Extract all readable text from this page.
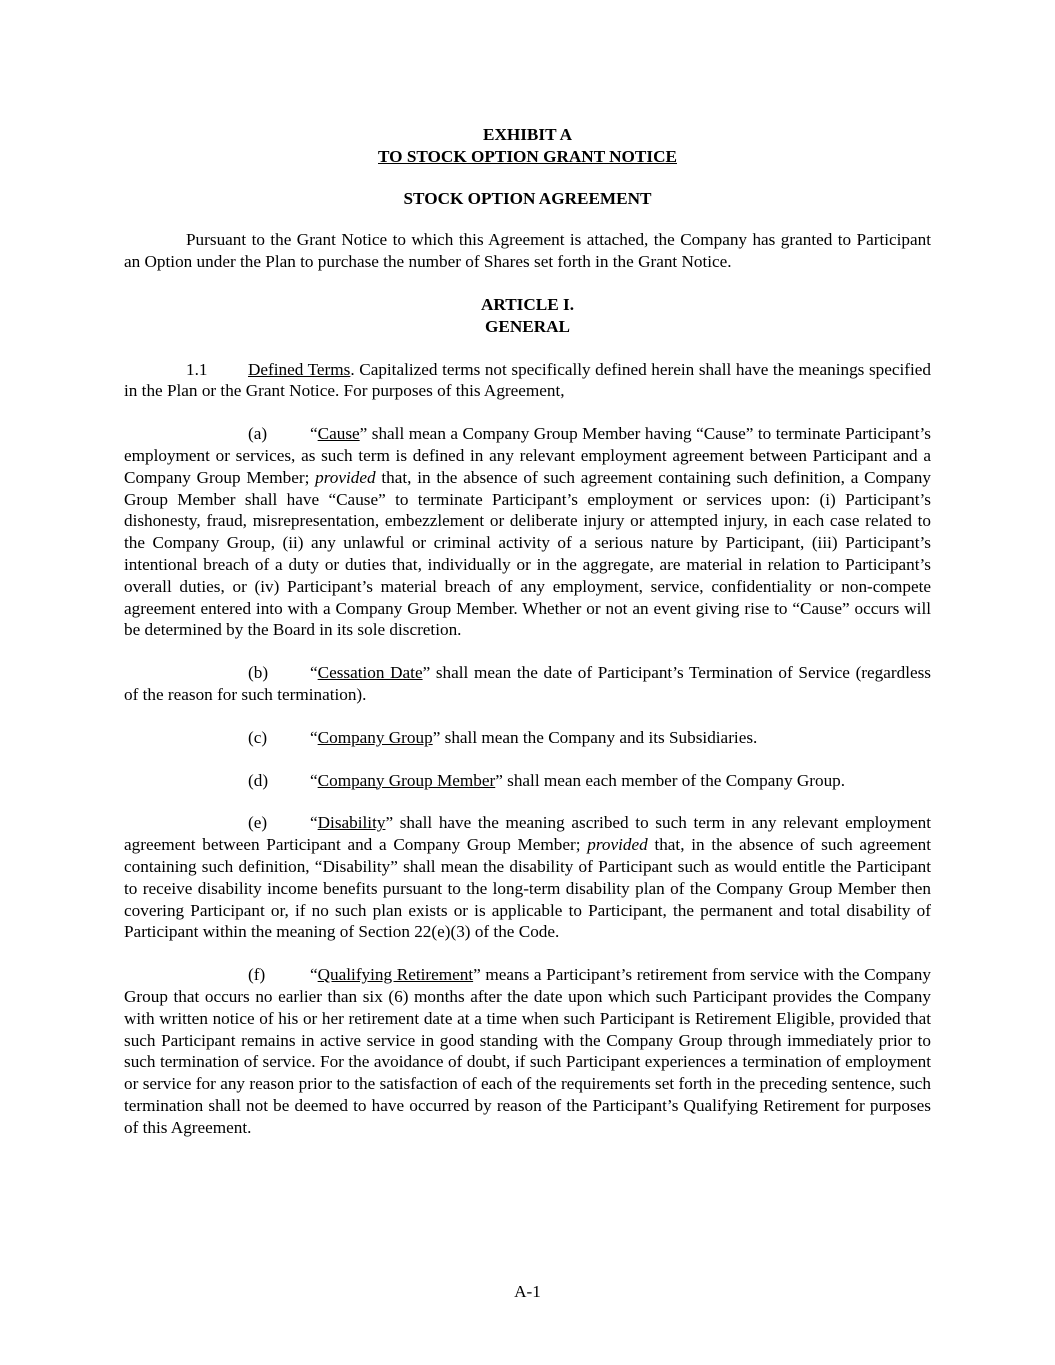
EXHIBIT A
TO STOCK OPTION GRANT NOTICE
STOCK OPTION AGREEMENT

Pursuant to the Grant Notice to which this Agreement is attached, the Company has granted to Participant an Option under the Plan to purchase the number of Shares set forth in the Grant Notice.

ARTICLE I.
GENERAL

1.1 Defined Terms. Capitalized terms not specifically defined herein shall have the meanings specified in the Plan or the Grant Notice. For purposes of this Agreement,

(a) “Cause” shall mean a Company Group Member having “Cause” to terminate Participant’s employment or services, as such term is defined in any relevant employment agreement between Participant and a Company Group Member; provided that, in the absence of such agreement containing such definition, a Company Group Member shall have “Cause” to terminate Participant’s employment or services upon: (i) Participant’s dishonesty, fraud, misrepresentation, embezzlement or deliberate injury or attempted injury, in each case related to the Company Group, (ii) any unlawful or criminal activity of a serious nature by Participant, (iii) Participant’s intentional breach of a duty or duties that, individually or in the aggregate, are material in relation to Participant’s overall duties, or (iv) Participant’s material breach of any employment, service, confidentiality or non-compete agreement entered into with a Company Group Member. Whether or not an event giving rise to “Cause” occurs will be determined by the Board in its sole discretion.

(b) “Cessation Date” shall mean the date of Participant’s Termination of Service (regardless of the reason for such termination).

(c) “Company Group” shall mean the Company and its Subsidiaries.

(d) “Company Group Member” shall mean each member of the Company Group.

(e) “Disability” shall have the meaning ascribed to such term in any relevant employment agreement between Participant and a Company Group Member; provided that, in the absence of such agreement containing such definition, “Disability” shall mean the disability of Participant such as would entitle the Participant to receive disability income benefits pursuant to the long-term disability plan of the Company Group Member then covering Participant or, if no such plan exists or is applicable to Participant, the permanent and total disability of Participant within the meaning of Section 22(e)(3) of the Code.

(f)	“Qualifying Retirement” means a Participant’s retirement from service with the Company Group that occurs no earlier than six (6) months after the date upon which such Participant provides the Company with written notice of his or her retirement date at a time when such Participant is Retirement Eligible, provided that such Participant remains in active service in good standing with the Company Group through immediately prior to such termination of service. For the avoidance of doubt, if such Participant experiences a termination of employment or service for any reason prior to the satisfaction of each of the requirements set forth in the preceding sentence, such termination shall not be deemed to have occurred by reason of the Participant’s Qualifying Retirement for purposes of this Agreement.

A-1
